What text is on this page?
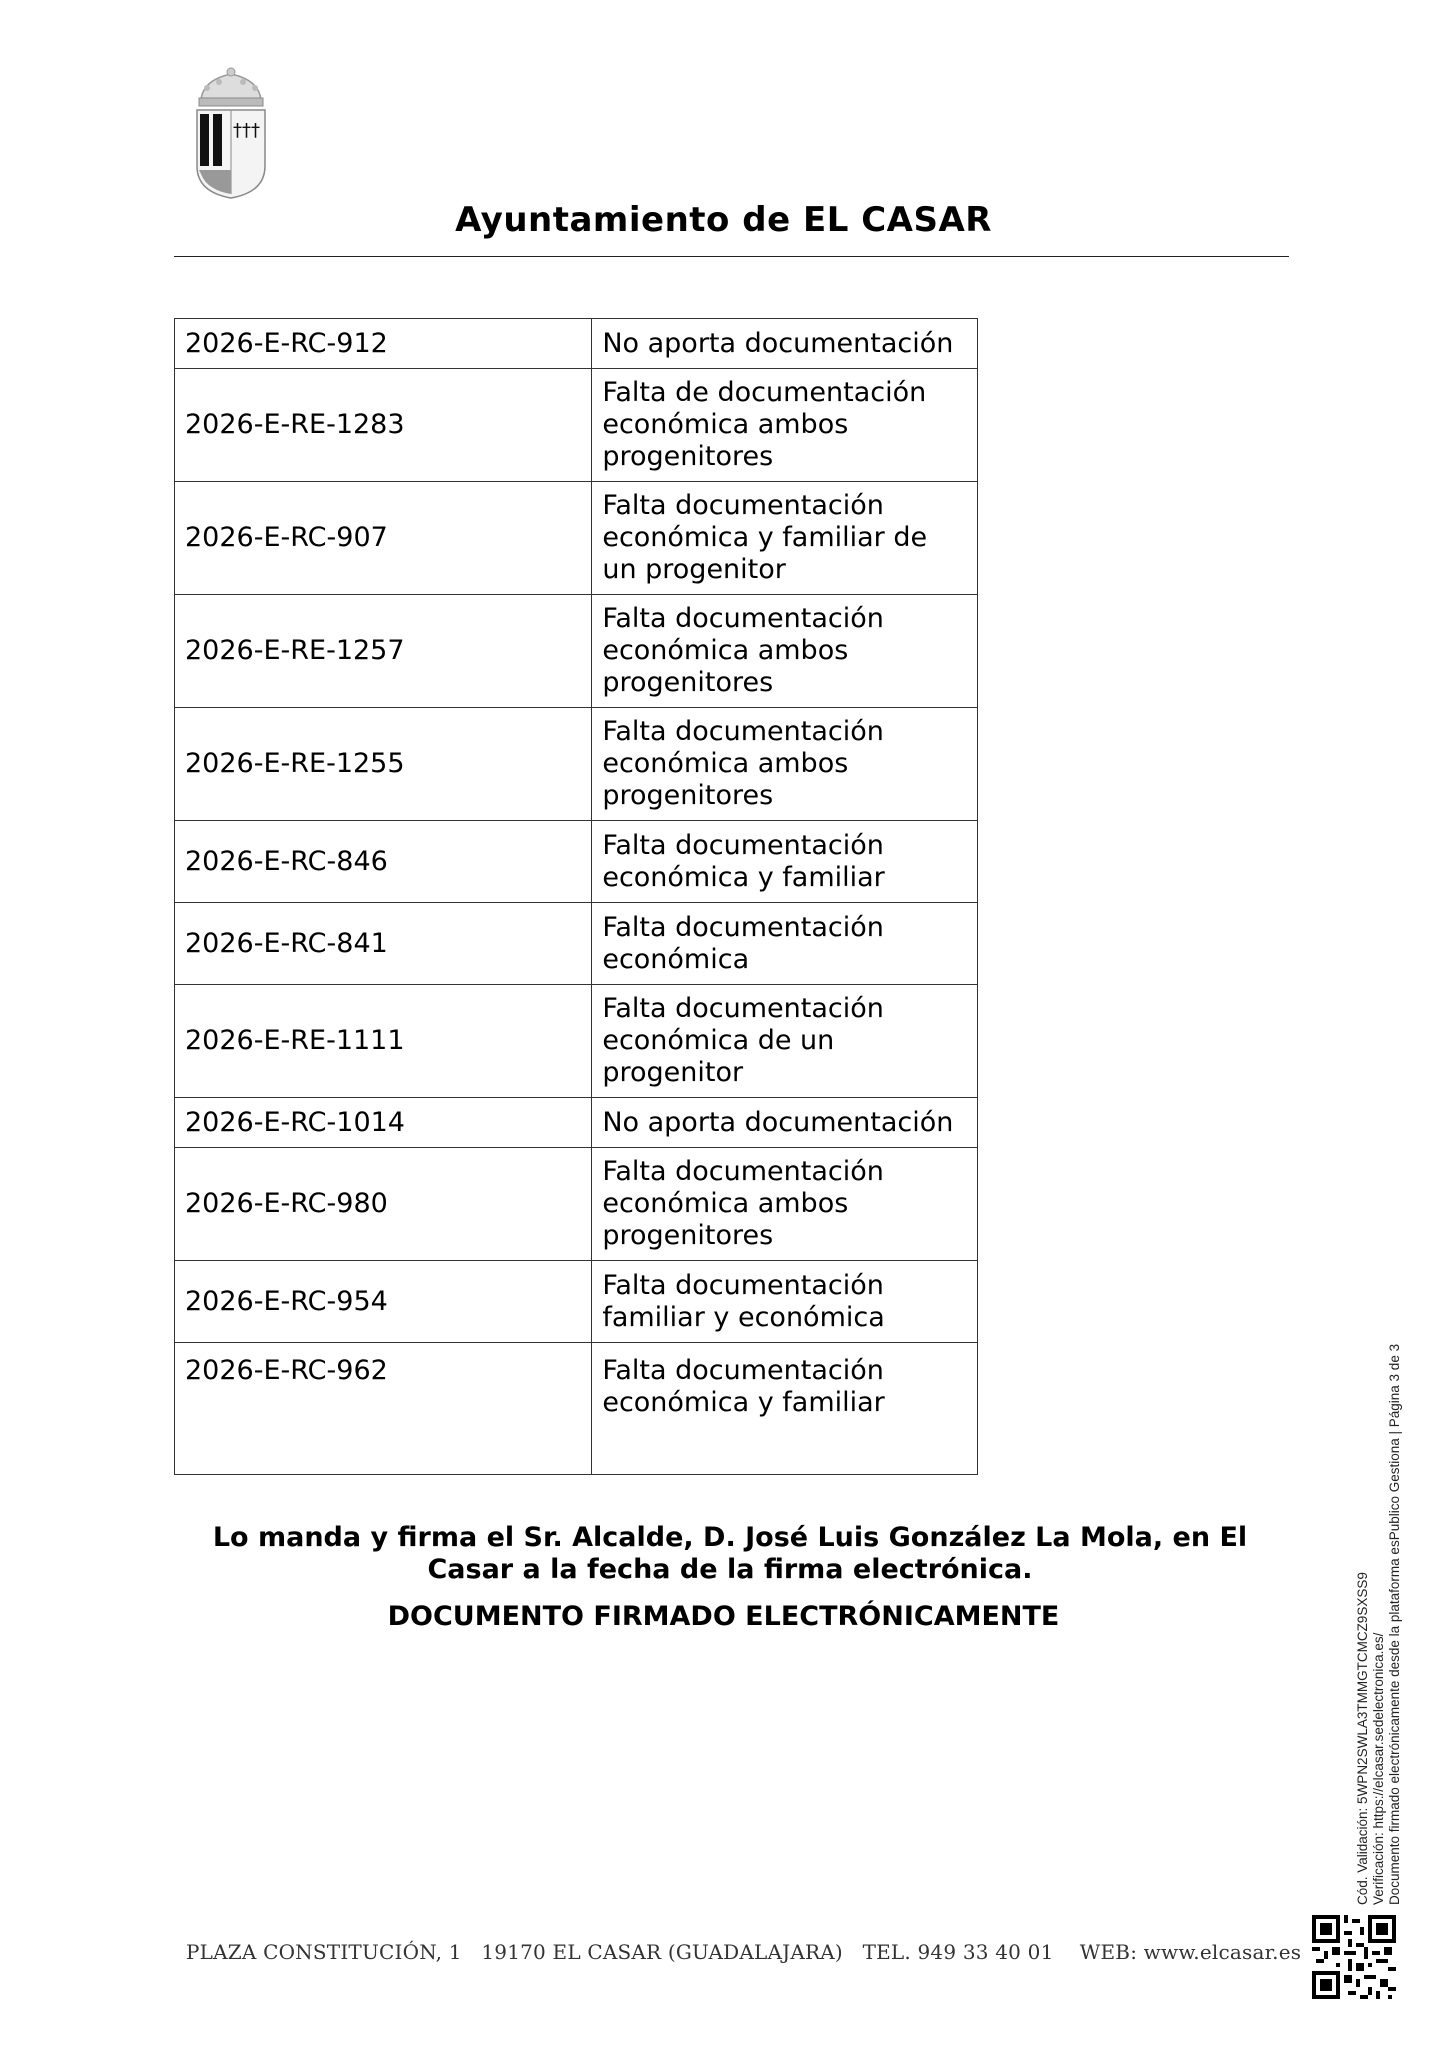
†††
Ayuntamiento de EL CASAR
2026-E-RC-912	No aporta documentación
2026-E-RE-1283	Falta de documentación económica ambos progenitores
2026-E-RC-907	Falta documentación económica y familiar de un progenitor
2026-E-RE-1257	Falta documentación económica ambos progenitores
2026-E-RE-1255	Falta documentación económica ambos progenitores
2026-E-RC-846	Falta documentación económica y familiar
2026-E-RC-841	Falta documentación económica
2026-E-RE-1111	Falta documentación económica de un progenitor
2026-E-RC-1014	No aporta documentación
2026-E-RC-980	Falta documentación económica ambos progenitores
2026-E-RC-954	Falta documentación familiar y económica
2026-E-RC-962	Falta documentación económica y familiar
Lo manda y firma el Sr. Alcalde, D. José Luis González La Mola, en El Casar a la fecha de la firma electrónica.
DOCUMENTO FIRMADO ELECTRÓNICAMENTE
PLAZA CONSTITUCIÓN, 1   19170 EL CASAR (GUADALAJARA)   TEL. 949 33 40 01    WEB: www.elcasar.es
Cód. Validación: 5WPN2SWLA3TMMGTCMCZ9SXSS9 Verificación: https://elcasar.sedelectronica.es/ Documento firmado electrónicamente desde la plataforma esPublico Gestiona | Página 3 de 3
